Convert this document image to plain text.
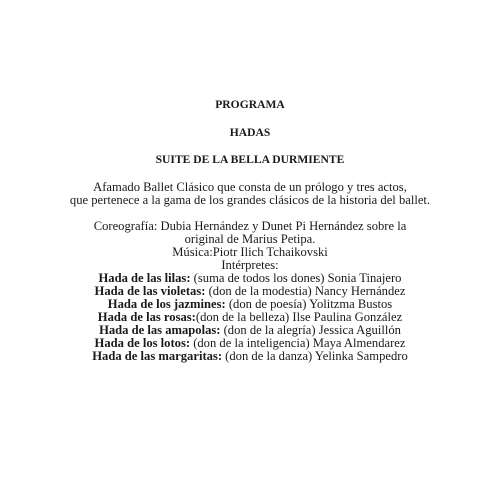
PROGRAMA
HADAS
SUITE DE LA BELLA DURMIENTE
Afamado Ballet Clásico que consta de un prólogo y tres actos,
que pertenece a la gama de los grandes clásicos de la historia del ballet.
Coreografía: Dubia Hernández y Dunet Pi Hernández sobre la
original de Marius Petipa.
Música:Piotr Ilich Tchaikovski
Intérpretes:
Hada de las lilas: (suma de todos los dones) Sonia Tinajero
Hada de las violetas: (don de la modestia) Nancy Hernández
Hada de los jazmines: (don de poesía) Yolitzma Bustos
Hada de las rosas:(don de la belleza) Ilse Paulina González
Hada de las amapolas: (don de la alegría) Jessica Aguillón
Hada de los lotos: (don de la inteligencia) Maya Almendarez
Hada de las margaritas: (don de la danza) Yelinka Sampedro
